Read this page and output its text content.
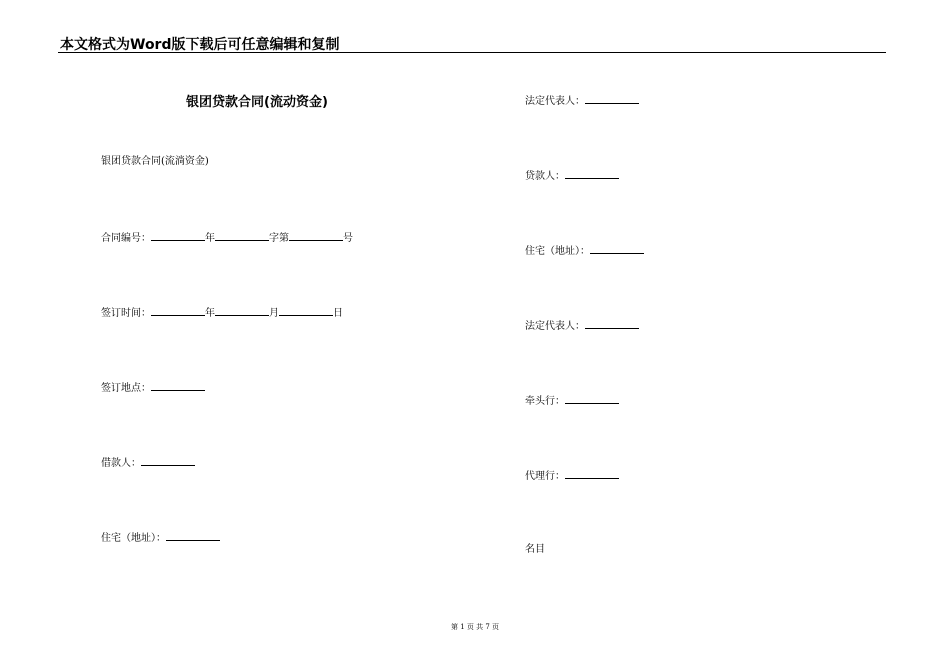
本文格式为Word版下载后可任意编辑和复制
银团贷款合同(流动资金)
银团贷款合同(流淌资金)
合同编号：	年	字第	号
签订时间：	年	月	日
签订地点：
借款人：
住宅（地址）：
法定代表人：
贷款人：
住宅（地址）：
法定代表人：
牵头行：
代理行：
名目
第 1 页 共 7 页
